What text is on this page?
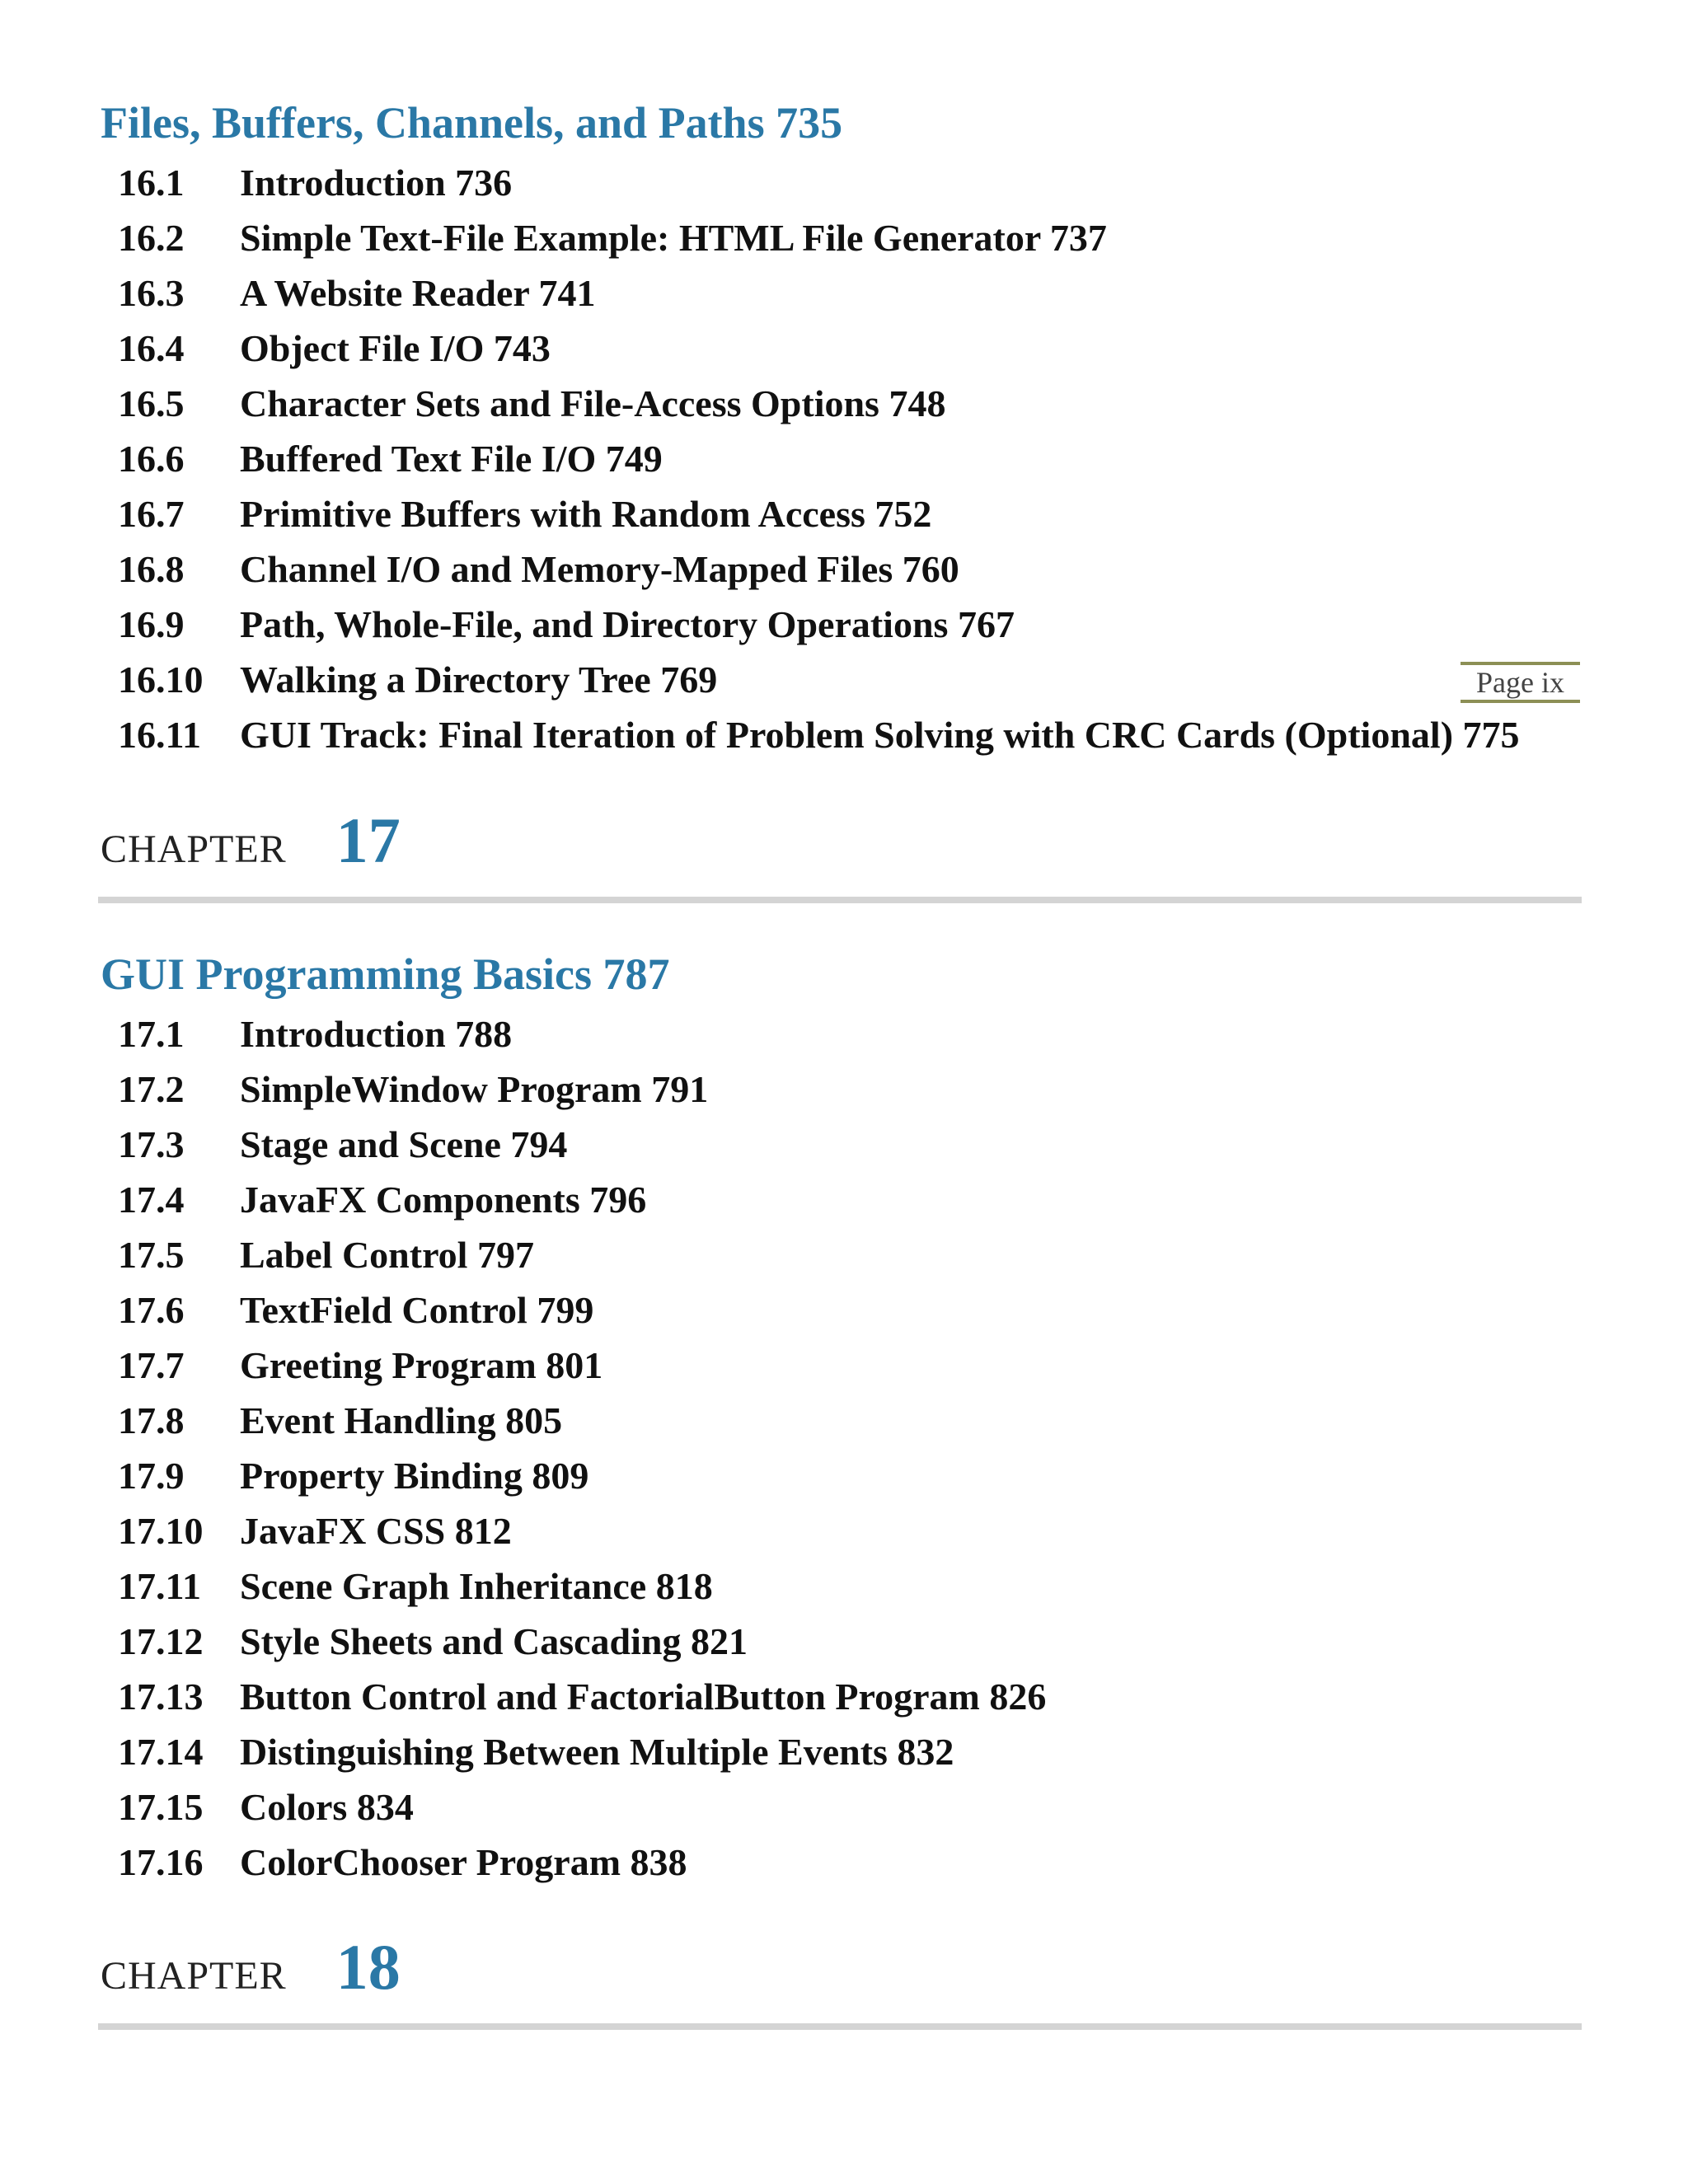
Files, Buffers, Channels, and Paths 735
16.1	Introduction 736
16.2	Simple Text-File Example: HTML File Generator 737
16.3	A Website Reader 741
16.4	Object File I/O 743
16.5	Character Sets and File-Access Options 748
16.6	Buffered Text File I/O 749
16.7	Primitive Buffers with Random Access 752
16.8	Channel I/O and Memory-Mapped Files 760
16.9	Path, Whole-File, and Directory Operations 767
16.10 Walking a Directory Tree 769
16.11	GUI Track: Final Iteration of Problem Solving with CRC Cards (Optional) 775
Page ix
CHAPTER 17
GUI Programming Basics 787
17.1	Introduction 788
17.2	SimpleWindow Program 791
17.3	Stage and Scene 794
17.4	JavaFX Components 796
17.5	Label Control 797
17.6	TextField Control 799
17.7	Greeting Program 801
17.8	Event Handling 805
17.9	Property Binding 809
17.10 JavaFX CSS 812
17.11	Scene Graph Inheritance 818
17.12 Style Sheets and Cascading 821
17.13 Button Control and FactorialButton Program 826
17.14 Distinguishing Between Multiple Events 832
17.15 Colors 834
17.16 ColorChooser Program 838
CHAPTER 18
